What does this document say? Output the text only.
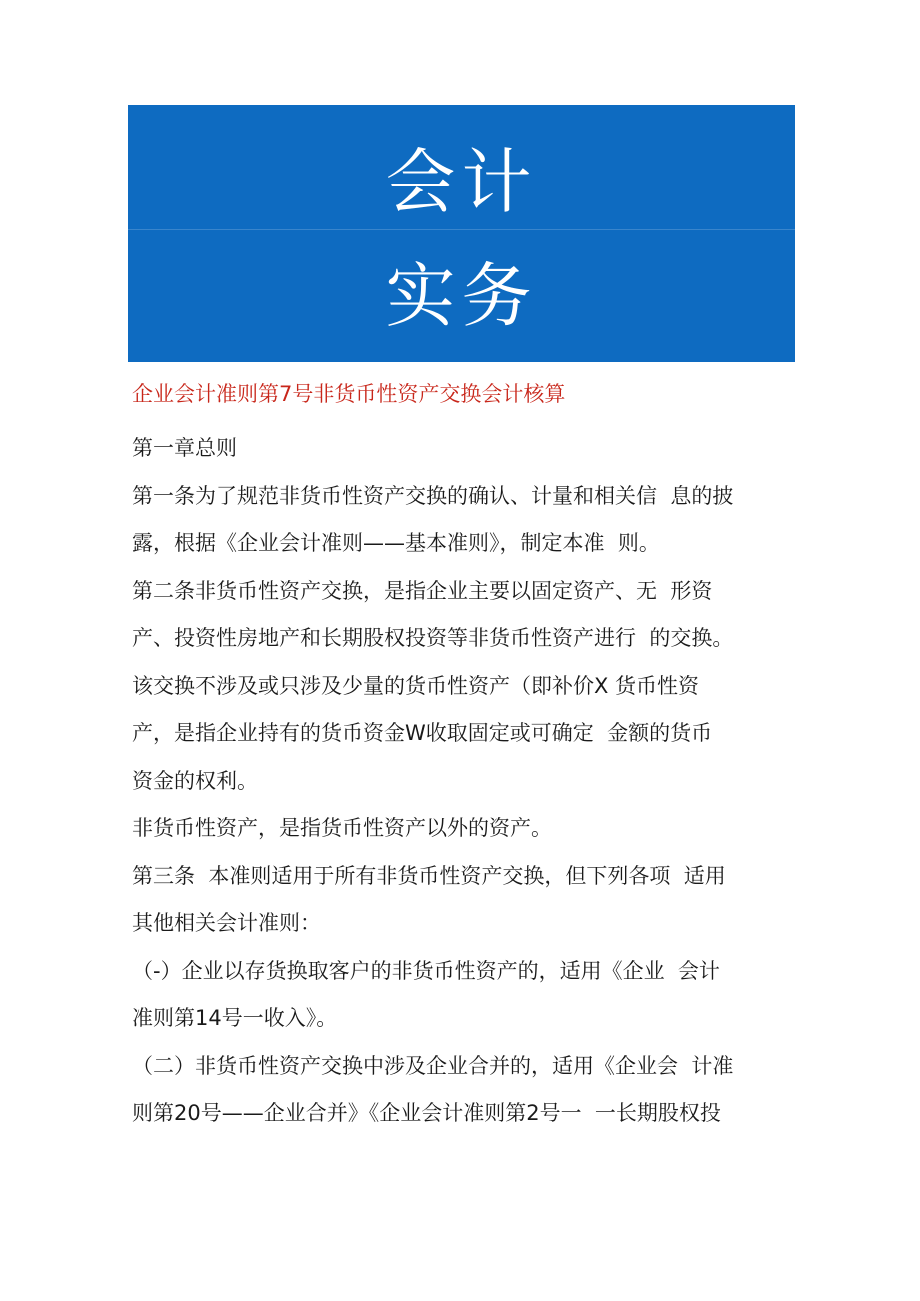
会计
实务
企业会计准则第7号非货币性资产交换会计核算
第一章总则
第一条为了规范非货币性资产交换的确认、计量和相关信  息的披
露，根据《企业会计准则——基本准则》，制定本准  则。
第二条非货币性资产交换，是指企业主要以固定资产、无  形资
产、投资性房地产和长期股权投资等非货币性资产进行  的交换。
该交换不涉及或只涉及少量的货币性资产（即补价X 货币性资
产，是指企业持有的货币资金W收取固定或可确定  金额的货币
资金的权利。
非货币性资产，是指货币性资产以外的资产。
第三条  本准则适用于所有非货币性资产交换，但下列各项  适用
其他相关会计准则：
（-）企业以存货换取客户的非货币性资产的，适用《企业  会计
准则第14号一收入》。
（二）非货币性资产交换中涉及企业合并的，适用《企业会  计准
则第20号——企业合并》《企业会计准则第2号一  一长期股权投
